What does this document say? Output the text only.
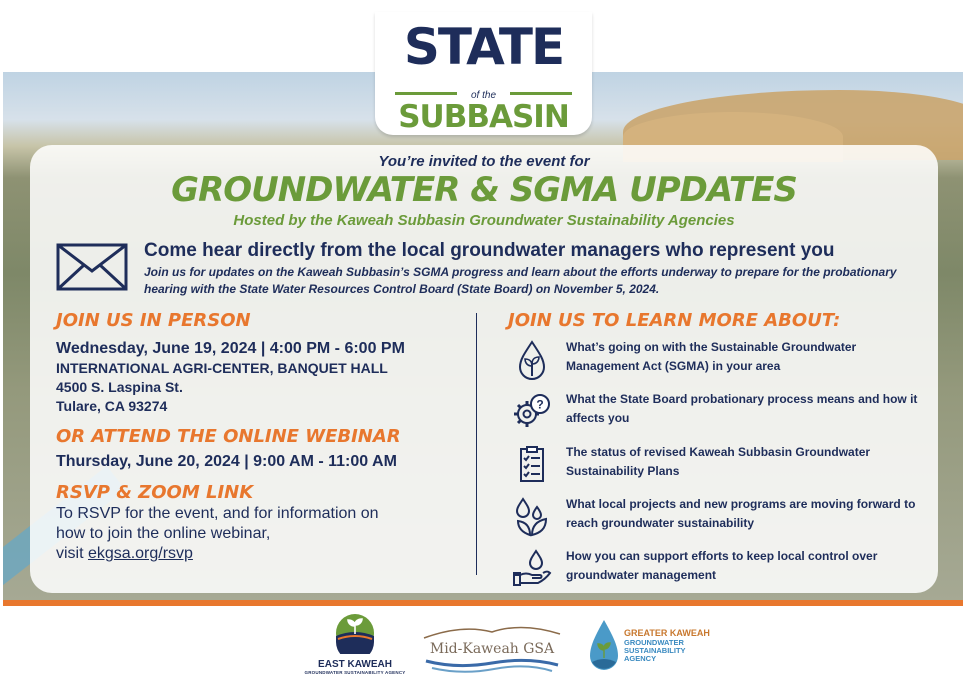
STATE
of the
SUBBASIN
You’re invited to the event for
GROUNDWATER & SGMA UPDATES
Hosted by the Kaweah Subbasin Groundwater Sustainability Agencies
Come hear directly from the local groundwater managers who represent you
Join us for updates on the Kaweah Subbasin’s SGMA progress and learn about the efforts underway to prepare for the probationary hearing with the State Water Resources Control Board (State Board) on November 5, 2024.
JOIN US IN PERSON
Wednesday, June 19, 2024 | 4:00 PM - 6:00 PM
INTERNATIONAL AGRI-CENTER, BANQUET HALL
4500 S. Laspina St.
Tulare, CA 93274
OR ATTEND THE ONLINE WEBINAR
Thursday, June 20, 2024 | 9:00 AM - 11:00 AM
RSVP & ZOOM LINK
To RSVP for the event, and for information on
how to join the online webinar,
visit ekgsa.org/rsvp
JOIN US TO LEARN MORE ABOUT:
What’s going on with the Sustainable Groundwater Management Act (SGMA) in your area
? What the State Board probationary process means and how it affects you
The status of revised Kaweah Subbasin Groundwater Sustainability Plans
What local projects and new programs are moving forward to reach groundwater sustainability
How you can support efforts to keep local control over groundwater management
EAST KAWEAH
GROUNDWATER SUSTAINABILITY AGENCY
Mid-Kaweah GSA
GREATER KAWEAH
GROUNDWATER
SUSTAINABILITY
AGENCY
